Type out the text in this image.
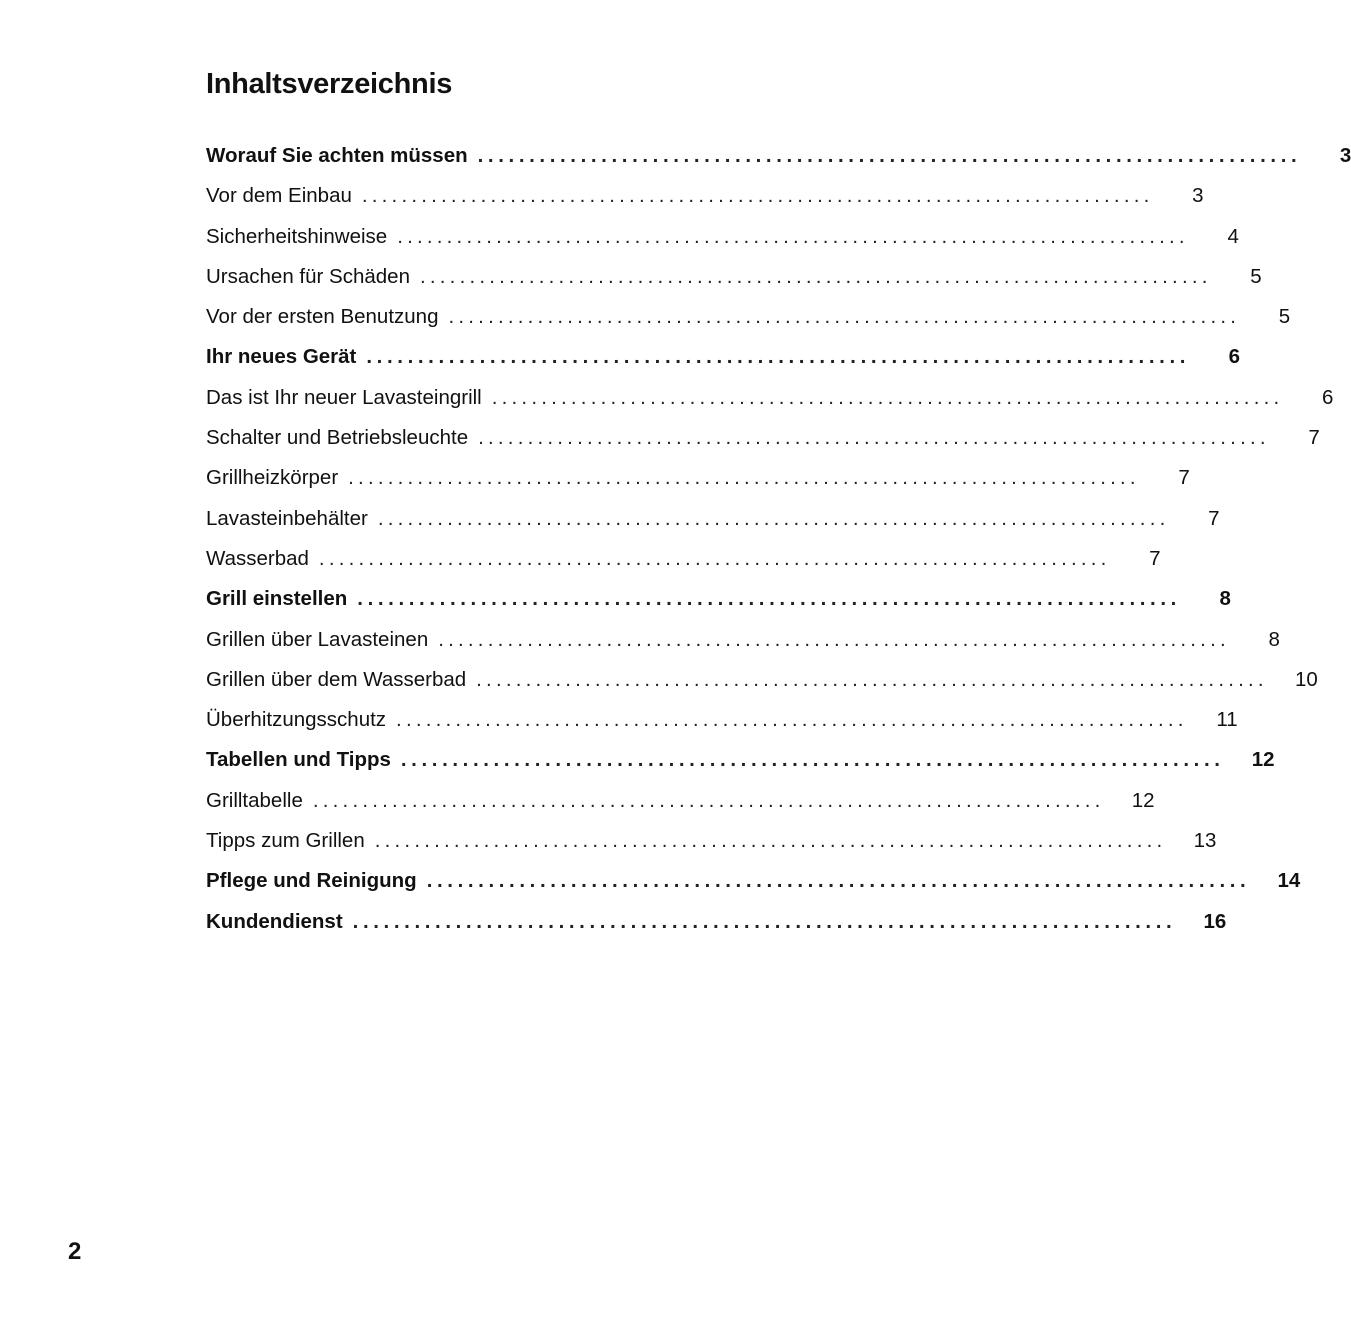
Inhaltsverzeichnis
Worauf Sie achten müssen ................................................................................	3
Vor dem Einbau ................................................................................	3
Sicherheitshinweise ................................................................................	4
Ursachen für Schäden ................................................................................	5
Vor der ersten Benutzung ................................................................................	5
Ihr neues Gerät ................................................................................	6
Das ist Ihr neuer Lavasteingrill ................................................................................	6
Schalter und Betriebsleuchte ................................................................................	7
Grillheizkörper ................................................................................	7
Lavasteinbehälter ................................................................................	7
Wasserbad ................................................................................	7
Grill einstellen ................................................................................	8
Grillen über Lavasteinen ................................................................................	8
Grillen über dem Wasserbad ................................................................................	10
Überhitzungsschutz ................................................................................	11
Tabellen und Tipps ................................................................................	12
Grilltabelle ................................................................................	12
Tipps zum Grillen ................................................................................	13
Pflege und Reinigung ................................................................................	14
Kundendienst ................................................................................	16
2
